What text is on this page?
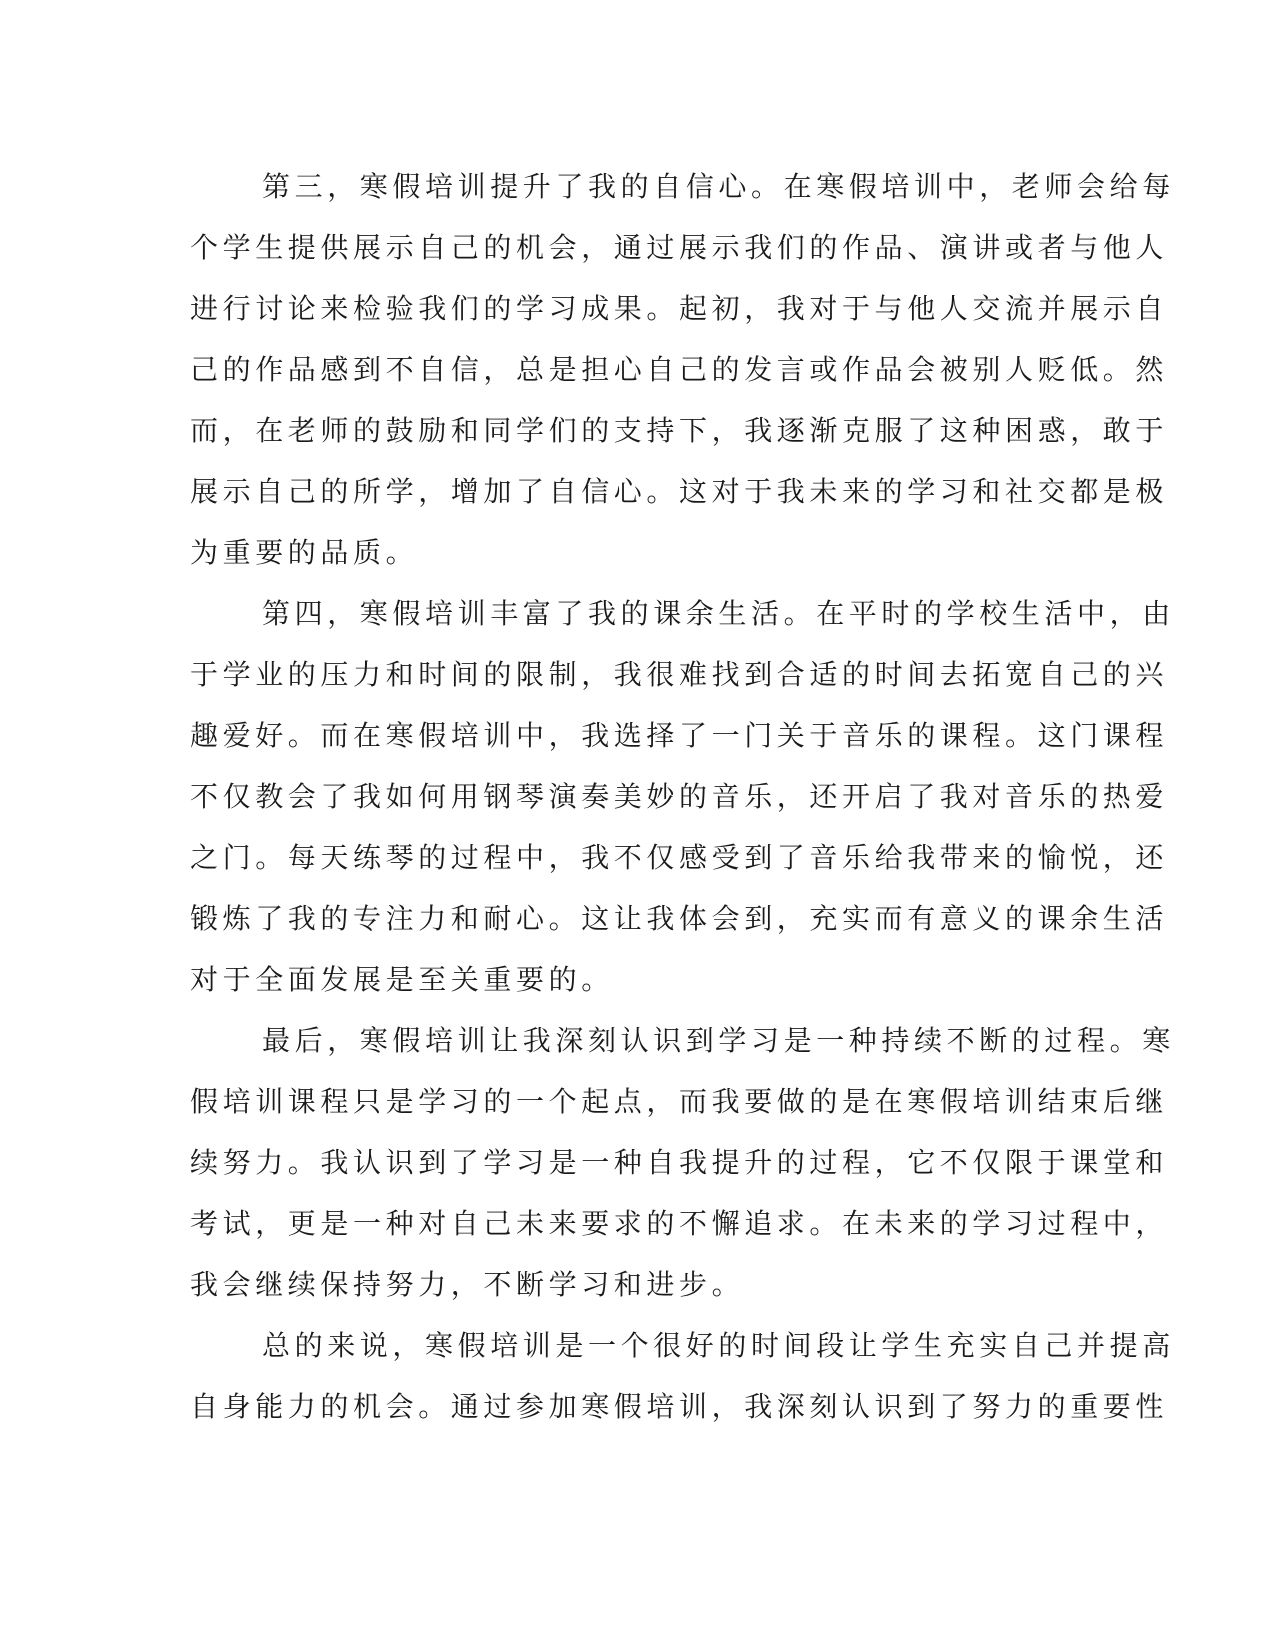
第三，寒假培训提升了我的自信心。在寒假培训中，老师会给每
个学生提供展示自己的机会，通过展示我们的作品、演讲或者与他人
进行讨论来检验我们的学习成果。起初，我对于与他人交流并展示自
己的作品感到不自信，总是担心自己的发言或作品会被别人贬低。然
而，在老师的鼓励和同学们的支持下，我逐渐克服了这种困惑，敢于
展示自己的所学，增加了自信心。这对于我未来的学习和社交都是极
为重要的品质。

第四，寒假培训丰富了我的课余生活。在平时的学校生活中，由
于学业的压力和时间的限制，我很难找到合适的时间去拓宽自己的兴
趣爱好。而在寒假培训中，我选择了一门关于音乐的课程。这门课程
不仅教会了我如何用钢琴演奏美妙的音乐，还开启了我对音乐的热爱
之门。每天练琴的过程中，我不仅感受到了音乐给我带来的愉悦，还
锻炼了我的专注力和耐心。这让我体会到，充实而有意义的课余生活
对于全面发展是至关重要的。

最后，寒假培训让我深刻认识到学习是一种持续不断的过程。寒
假培训课程只是学习的一个起点，而我要做的是在寒假培训结束后继
续努力。我认识到了学习是一种自我提升的过程，它不仅限于课堂和
考试，更是一种对自己未来要求的不懈追求。在未来的学习过程中，
我会继续保持努力，不断学习和进步。

总的来说，寒假培训是一个很好的时间段让学生充实自己并提高
自身能力的机会。通过参加寒假培训，我深刻认识到了努力的重要性
